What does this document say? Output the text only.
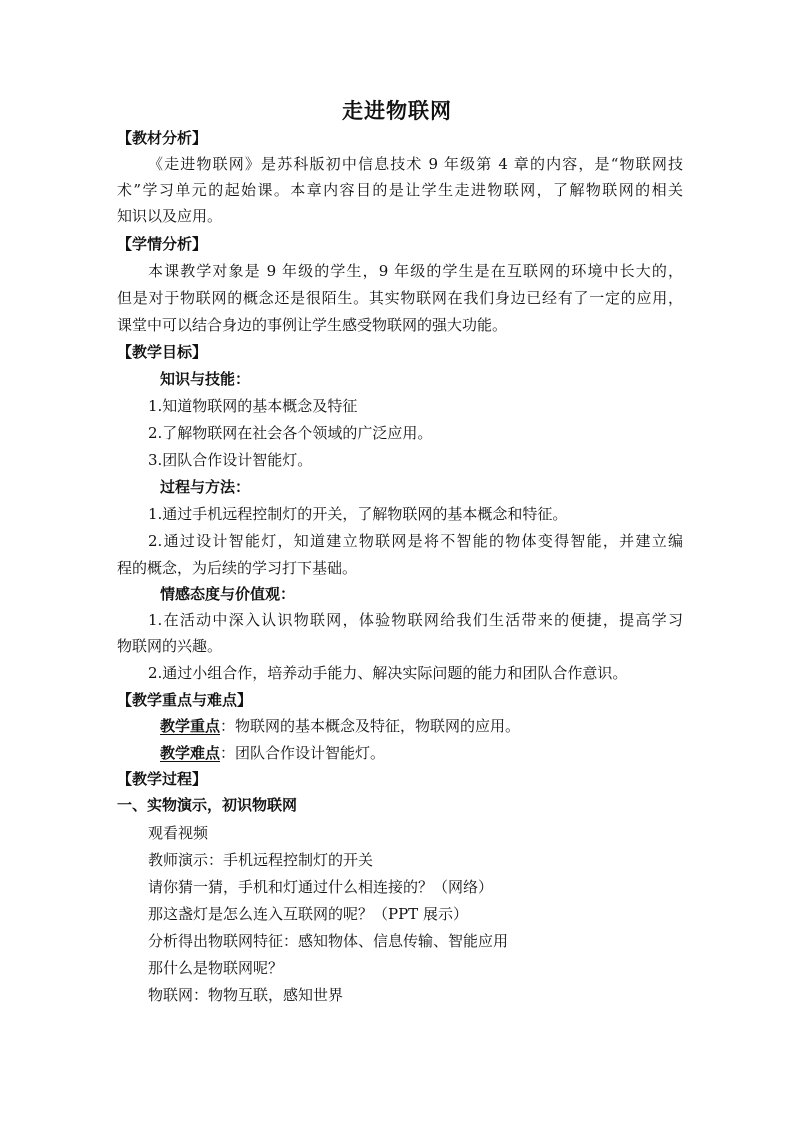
走进物联网
【教材分析】
《走进物联网》是苏科版初中信息技术 9 年级第 4 章的内容，是“物联网技
术”学习单元的起始课。本章内容目的是让学生走进物联网，了解物联网的相关
知识以及应用。
【学情分析】
本课教学对象是 9 年级的学生，9 年级的学生是在互联网的环境中长大的，
但是对于物联网的概念还是很陌生。其实物联网在我们身边已经有了一定的应用，
课堂中可以结合身边的事例让学生感受物联网的强大功能。
【教学目标】
知识与技能：
1.知道物联网的基本概念及特征
2.了解物联网在社会各个领域的广泛应用。
3.团队合作设计智能灯。
过程与方法：
1.通过手机远程控制灯的开关，了解物联网的基本概念和特征。
2.通过设计智能灯，知道建立物联网是将不智能的物体变得智能，并建立编
程的概念，为后续的学习打下基础。
情感态度与价值观：
1.在活动中深入认识物联网，体验物联网给我们生活带来的便捷，提高学习
物联网的兴趣。
2.通过小组合作，培养动手能力、解决实际问题的能力和团队合作意识。
【教学重点与难点】
教学重点：物联网的基本概念及特征，物联网的应用。
教学难点：团队合作设计智能灯。
【教学过程】
一、实物演示，初识物联网
观看视频
教师演示：手机远程控制灯的开关
请你猜一猜，手机和灯通过什么相连接的？（网络）
那这盏灯是怎么连入互联网的呢？（PPT 展示）
分析得出物联网特征：感知物体、信息传输、智能应用
那什么是物联网呢？
物联网：物物互联，感知世界
